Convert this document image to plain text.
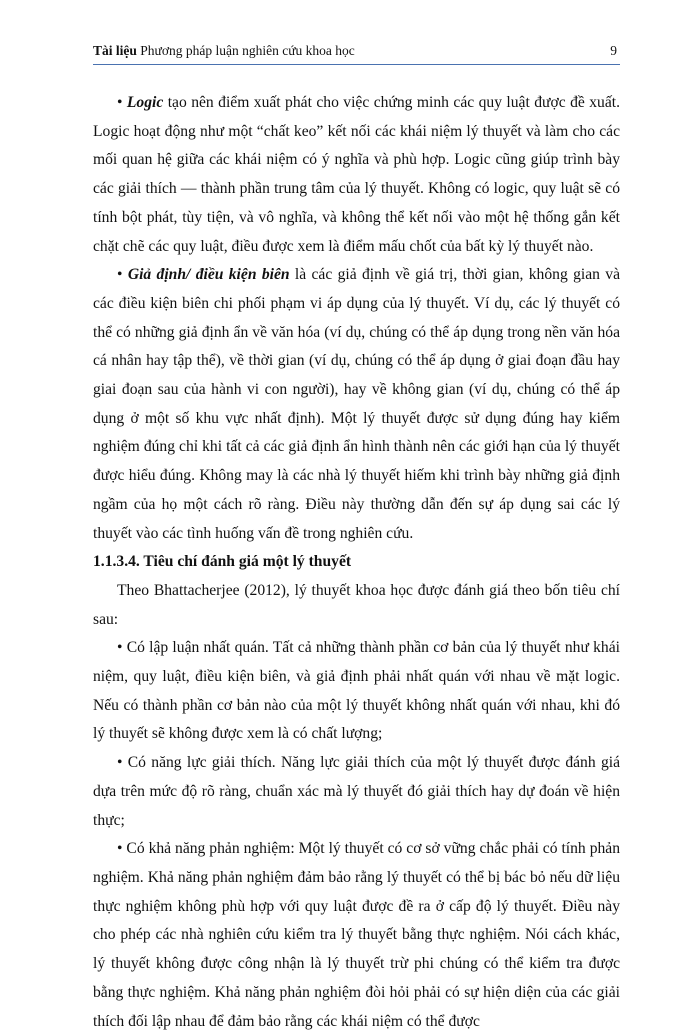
Tài liệu Phương pháp luận nghiên cứu khoa học	9

• Logic tạo nên điểm xuất phát cho việc chứng minh các quy luật được đề xuất. Logic hoạt động như một “chất keo” kết nối các khái niệm lý thuyết và làm cho các mối quan hệ giữa các khái niệm có ý nghĩa và phù hợp. Logic cũng giúp trình bày các giải thích — thành phần trung tâm của lý thuyết. Không có logic, quy luật sẽ có tính bột phát, tùy tiện, và vô nghĩa, và không thể kết nối vào một hệ thống gắn kết chặt chẽ các quy luật, điều được xem là điểm mấu chốt của bất kỳ lý thuyết nào.

• Giả định/ điều kiện biên là các giả định về giá trị, thời gian, không gian và các điều kiện biên chi phối phạm vi áp dụng của lý thuyết. Ví dụ, các lý thuyết có thể có những giả định ẩn về văn hóa (ví dụ, chúng có thể áp dụng trong nền văn hóa cá nhân hay tập thể), về thời gian (ví dụ, chúng có thể áp dụng ở giai đoạn đầu hay giai đoạn sau của hành vi con người), hay về không gian (ví dụ, chúng có thể áp dụng ở một số khu vực nhất định). Một lý thuyết được sử dụng đúng hay kiểm nghiệm đúng chỉ khi tất cả các giả định ẩn hình thành nên các giới hạn của lý thuyết được hiểu đúng. Không may là các nhà lý thuyết hiếm khi trình bày những giả định ngầm của họ một cách rõ ràng. Điều này thường dẫn đến sự áp dụng sai các lý thuyết vào các tình huống vấn đề trong nghiên cứu.

1.1.3.4. Tiêu chí đánh giá một lý thuyết

Theo Bhattacherjee (2012), lý thuyết khoa học được đánh giá theo bốn tiêu chí sau:

• Có lập luận nhất quán. Tất cả những thành phần cơ bản của lý thuyết như khái niệm, quy luật, điều kiện biên, và giả định phải nhất quán với nhau về mặt logic. Nếu có thành phần cơ bản nào của một lý thuyết không nhất quán với nhau, khi đó lý thuyết sẽ không được xem là có chất lượng;

• Có năng lực giải thích. Năng lực giải thích của một lý thuyết được đánh giá dựa trên mức độ rõ ràng, chuẩn xác mà lý thuyết đó giải thích hay dự đoán về hiện thực;

• Có khả năng phản nghiệm: Một lý thuyết có cơ sở vững chắc phải có tính phản nghiệm. Khả năng phản nghiệm đảm bảo rằng lý thuyết có thể bị bác bỏ nếu dữ liệu thực nghiệm không phù hợp với quy luật được đề ra ở cấp độ lý thuyết. Điều này cho phép các nhà nghiên cứu kiểm tra lý thuyết bằng thực nghiệm. Nói cách khác, lý thuyết không được công nhận là lý thuyết trừ phi chúng có thể kiểm tra được bằng thực nghiệm. Khả năng phản nghiệm đòi hỏi phải có sự hiện diện của các giải thích đối lập nhau để đảm bảo rằng các khái niệm có thể được
